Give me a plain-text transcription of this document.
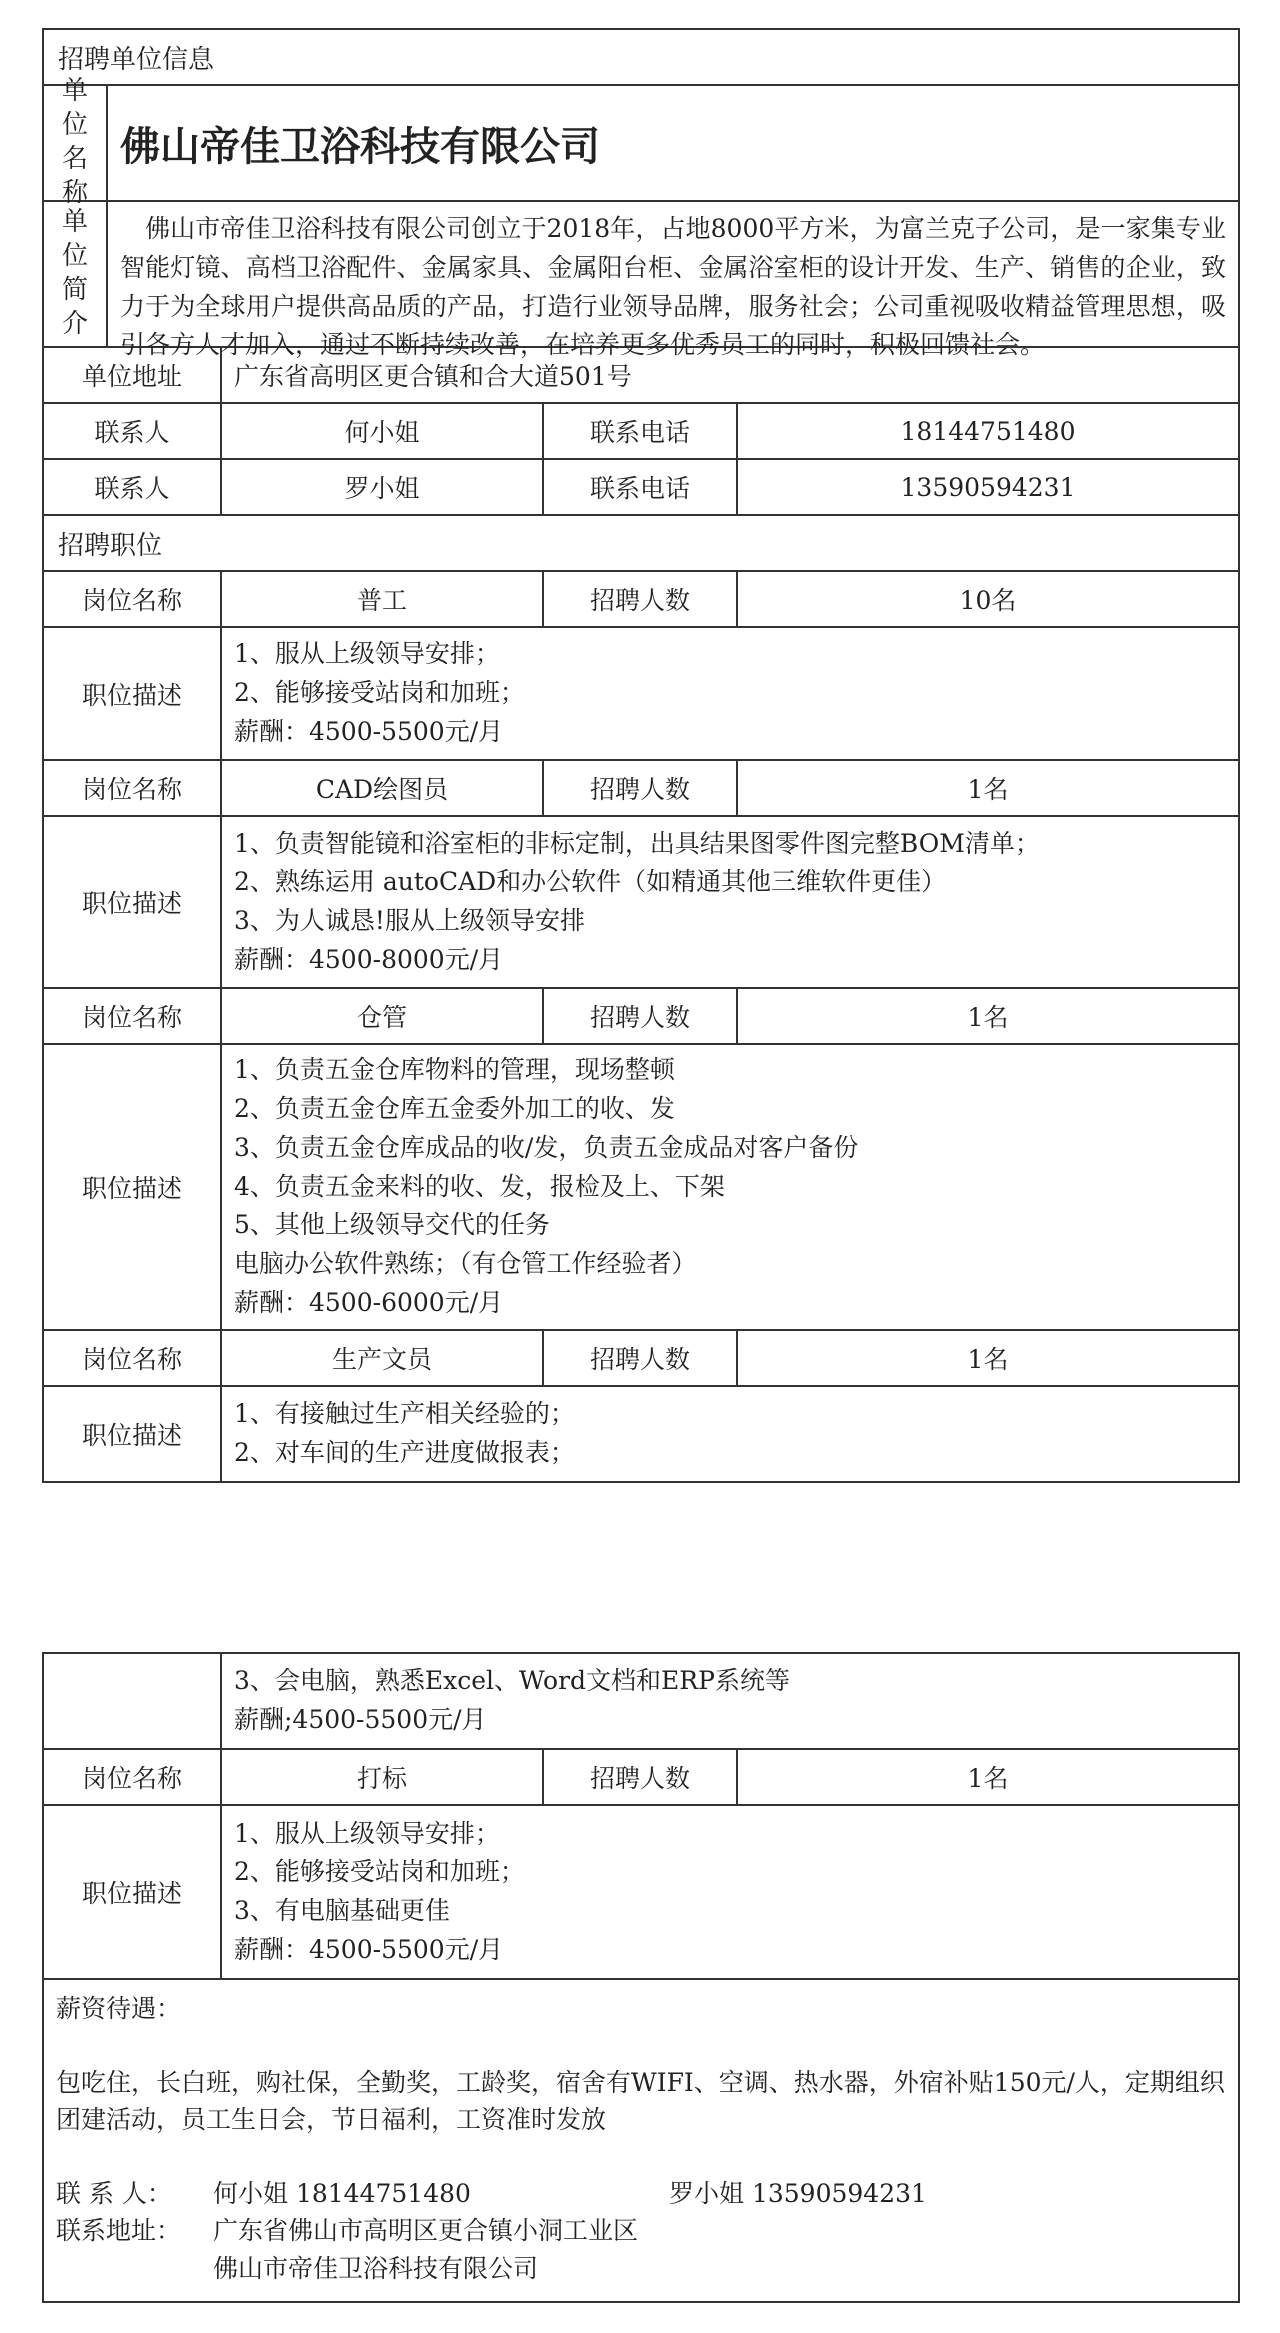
招聘单位信息
单
位
名
称
佛山帝佳卫浴科技有限公司
单
位
简
介
佛山市帝佳卫浴科技有限公司创立于2018年，占地8000平方米，为富兰克子公司，是一家集专业智能灯镜、高档卫浴配件、金属家具、金属阳台柜、金属浴室柜的设计开发、生产、销售的企业，致力于为全球用户提供高品质的产品，打造行业领导品牌，服务社会；公司重视吸收精益管理思想，吸引各方人才加入，通过不断持续改善，在培养更多优秀员工的同时，积极回馈社会。
单位地址	广东省高明区更合镇和合大道501号
联系人	何小姐	联系电话	18144751480
联系人	罗小姐	联系电话	13590594231
招聘职位
岗位名称	普工	招聘人数	10名
职位描述
1、服从上级领导安排；
2、能够接受站岗和加班；
薪酬：4500-5500元/月
岗位名称	CAD绘图员	招聘人数	1名
职位描述
1、负责智能镜和浴室柜的非标定制，出具结果图零件图完整BOM清单；
2、熟练运用 autoCAD和办公软件（如精通其他三维软件更佳）
3、为人诚恳!服从上级领导安排
薪酬：4500-8000元/月
岗位名称	仓管	招聘人数	1名
职位描述
1、负责五金仓库物料的管理，现场整顿
2、负责五金仓库五金委外加工的收、发
3、负责五金仓库成品的收/发，负责五金成品对客户备份
4、负责五金来料的收、发，报检及上、下架
5、其他上级领导交代的任务
电脑办公软件熟练；（有仓管工作经验者）
薪酬：4500-6000元/月
岗位名称	生产文员	招聘人数	1名
职位描述
1、有接触过生产相关经验的；
2、对车间的生产进度做报表；
3、会电脑，熟悉Excel、Word文档和ERP系统等
薪酬;4500-5500元/月
岗位名称	打标	招聘人数	1名
职位描述
1、服从上级领导安排；
2、能够接受站岗和加班；
3、有电脑基础更佳
薪酬：4500-5500元/月

薪资待遇：

包吃住，长白班，购社保，全勤奖，工龄奖，宿舍有WIFI、空调、热水器，外宿补贴150元/人，定期组织团建活动，员工生日会，节日福利，工资准时发放

联 系 人：	何小姐 18144751480	罗小姐 13590594231
联系地址：	广东省佛山市高明区更合镇小洞工业区
佛山市帝佳卫浴科技有限公司
